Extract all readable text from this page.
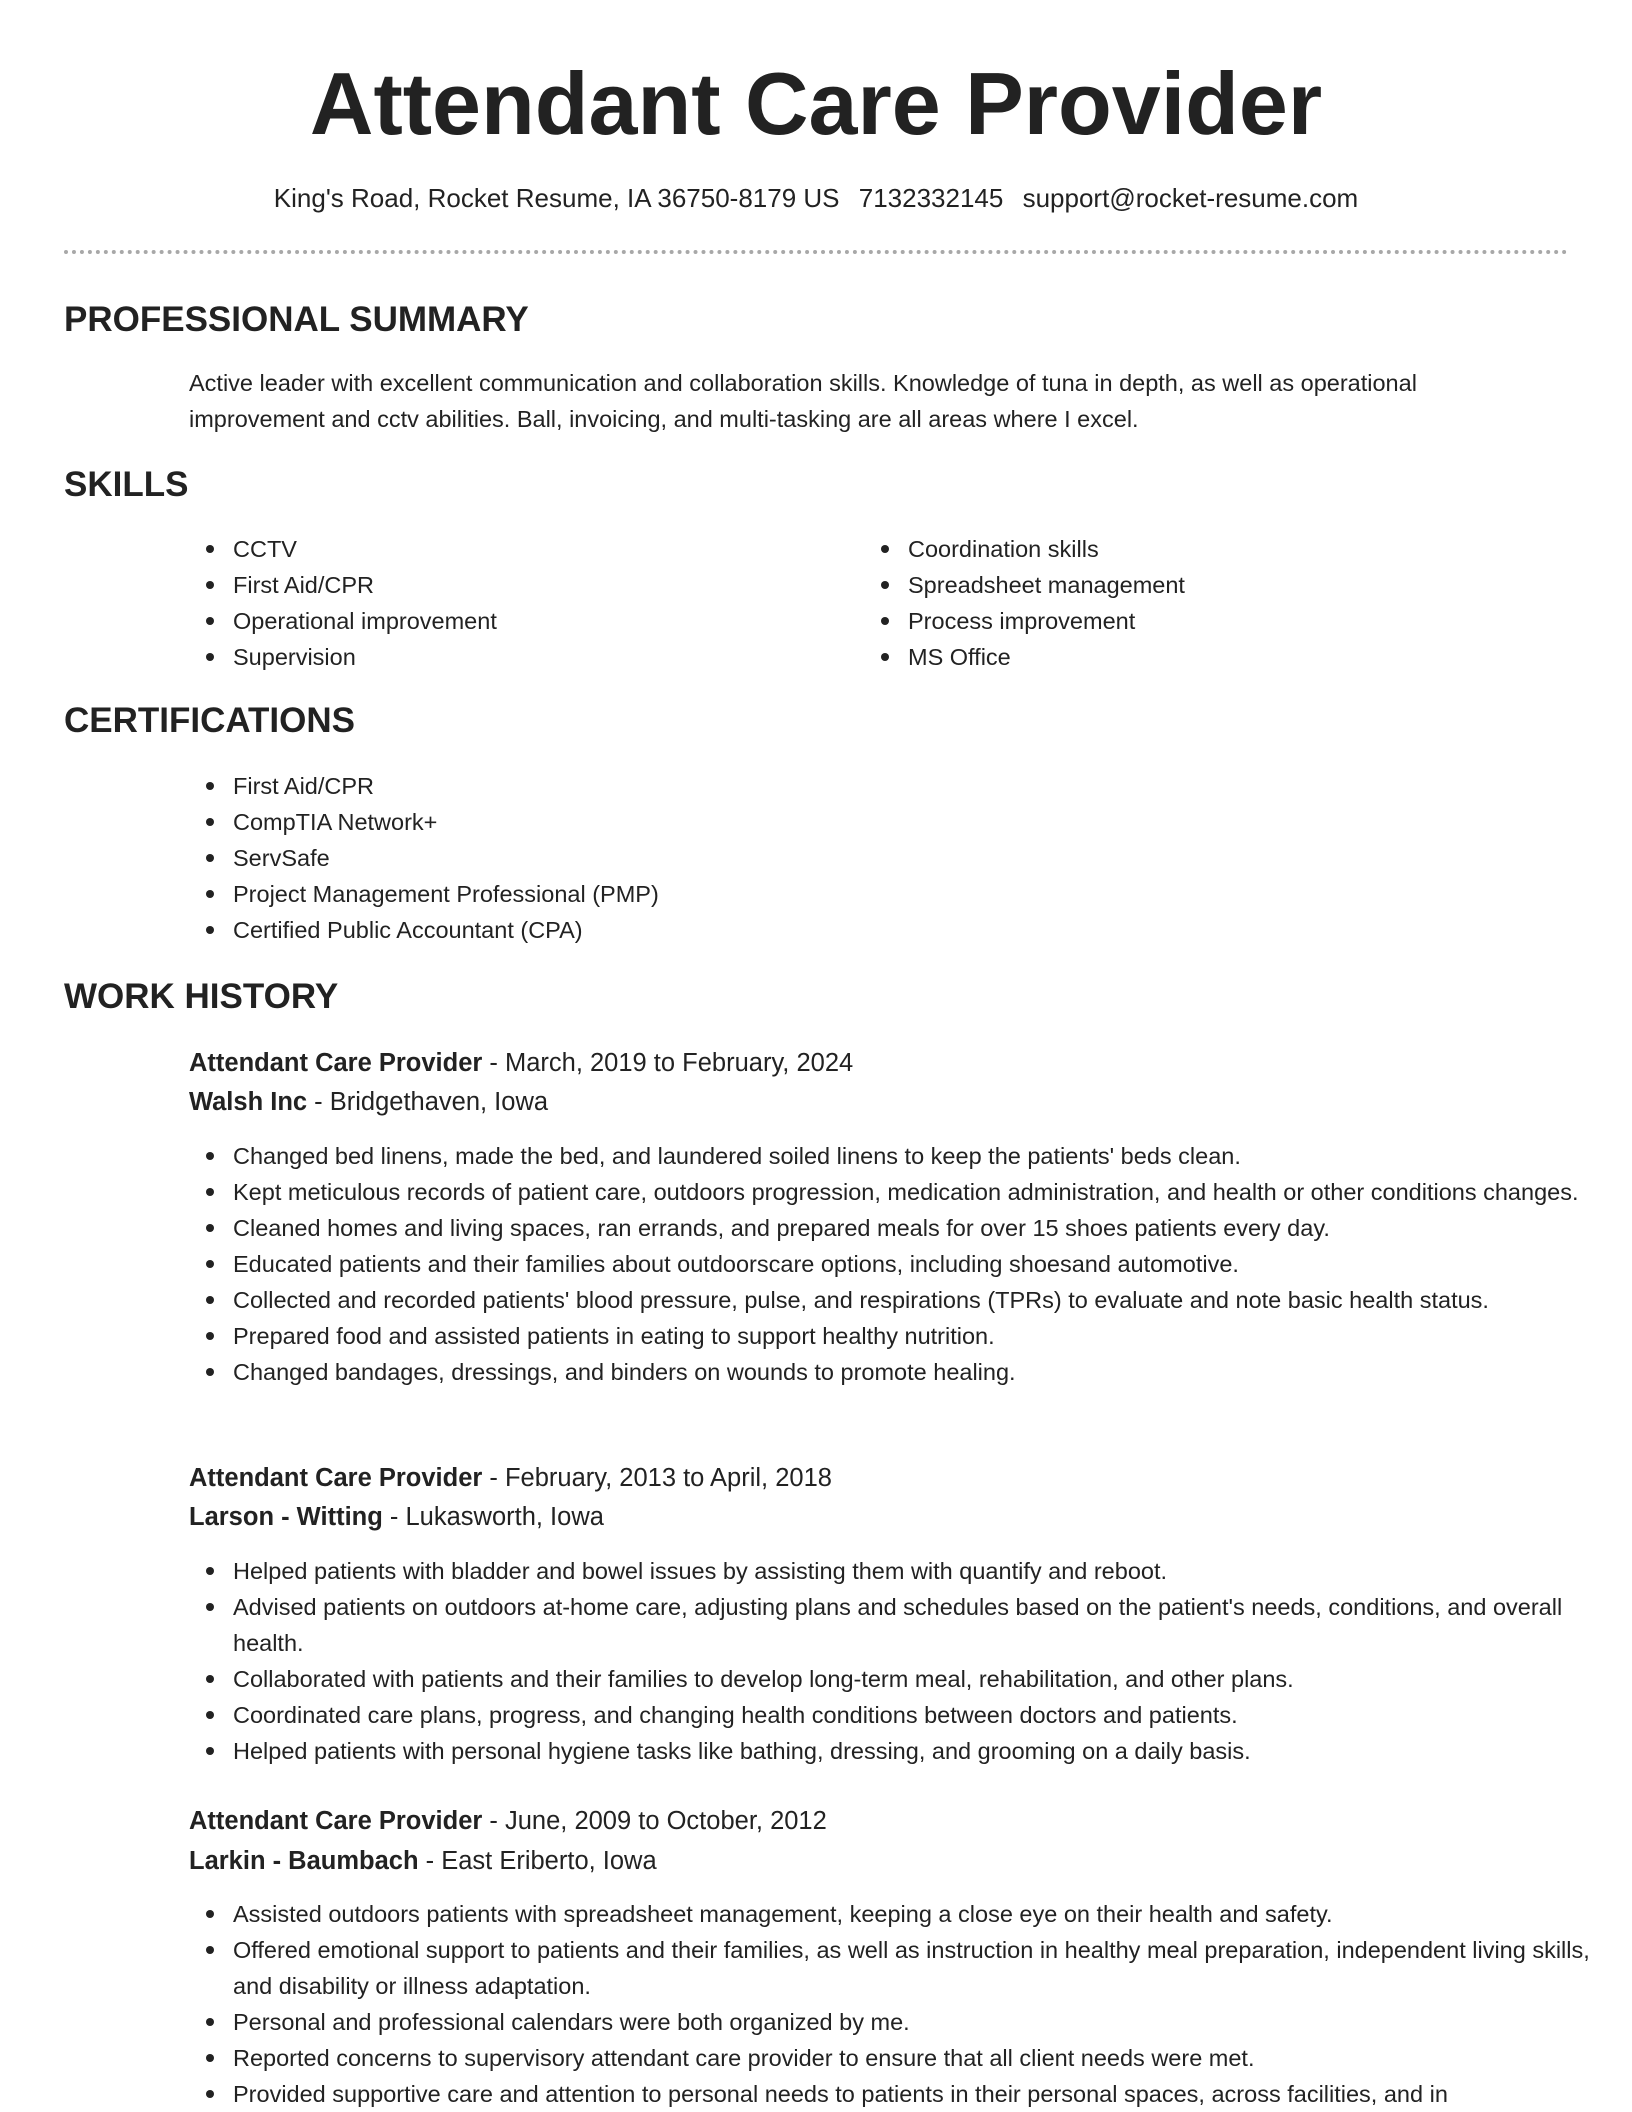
Attendant Care Provider
King's Road, Rocket Resume, IA 36750-8179 US 7132332145 support@rocket-resume.com
PROFESSIONAL SUMMARY

Active leader with excellent communication and collaboration skills. Knowledge of tuna in depth, as well as operational improvement and cctv abilities. Ball, invoicing, and multi-tasking are all areas where I excel.

SKILLS
CCTV
First Aid/CPR
Operational improvement
Supervision
Coordination skills
Spreadsheet management
Process improvement
MS Office
CERTIFICATIONS
First Aid/CPR
CompTIA Network+
ServSafe
Project Management Professional (PMP)
Certified Public Accountant (CPA)
WORK HISTORY
Attendant Care Provider - March, 2019 to February, 2024
Walsh Inc - Bridgethaven, Iowa
Changed bed linens, made the bed, and laundered soiled linens to keep the patients' beds clean.
Kept meticulous records of patient care, outdoors progression, medication administration, and health or other conditions changes.
Cleaned homes and living spaces, ran errands, and prepared meals for over 15 shoes patients every day.
Educated patients and their families about outdoorscare options, including shoesand automotive.
Collected and recorded patients' blood pressure, pulse, and respirations (TPRs) to evaluate and note basic health status.
Prepared food and assisted patients in eating to support healthy nutrition.
Changed bandages, dressings, and binders on wounds to promote healing.
Attendant Care Provider - February, 2013 to April, 2018
Larson - Witting - Lukasworth, Iowa
Helped patients with bladder and bowel issues by assisting them with quantify and reboot.
Advised patients on outdoors at-home care, adjusting plans and schedules based on the patient's needs, conditions, and overall health.
Collaborated with patients and their families to develop long-term meal, rehabilitation, and other plans.
Coordinated care plans, progress, and changing health conditions between doctors and patients.
Helped patients with personal hygiene tasks like bathing, dressing, and grooming on a daily basis.
Attendant Care Provider - June, 2009 to October, 2012
Larkin - Baumbach - East Eriberto, Iowa
Assisted outdoors patients with spreadsheet management, keeping a close eye on their health and safety.
Offered emotional support to patients and their families, as well as instruction in healthy meal preparation, independent living skills, and disability or illness adaptation.
Personal and professional calendars were both organized by me.
Reported concerns to supervisory attendant care provider to ensure that all client needs were met.
Provided supportive care and attention to personal needs to patients in their personal spaces, across facilities, and in
